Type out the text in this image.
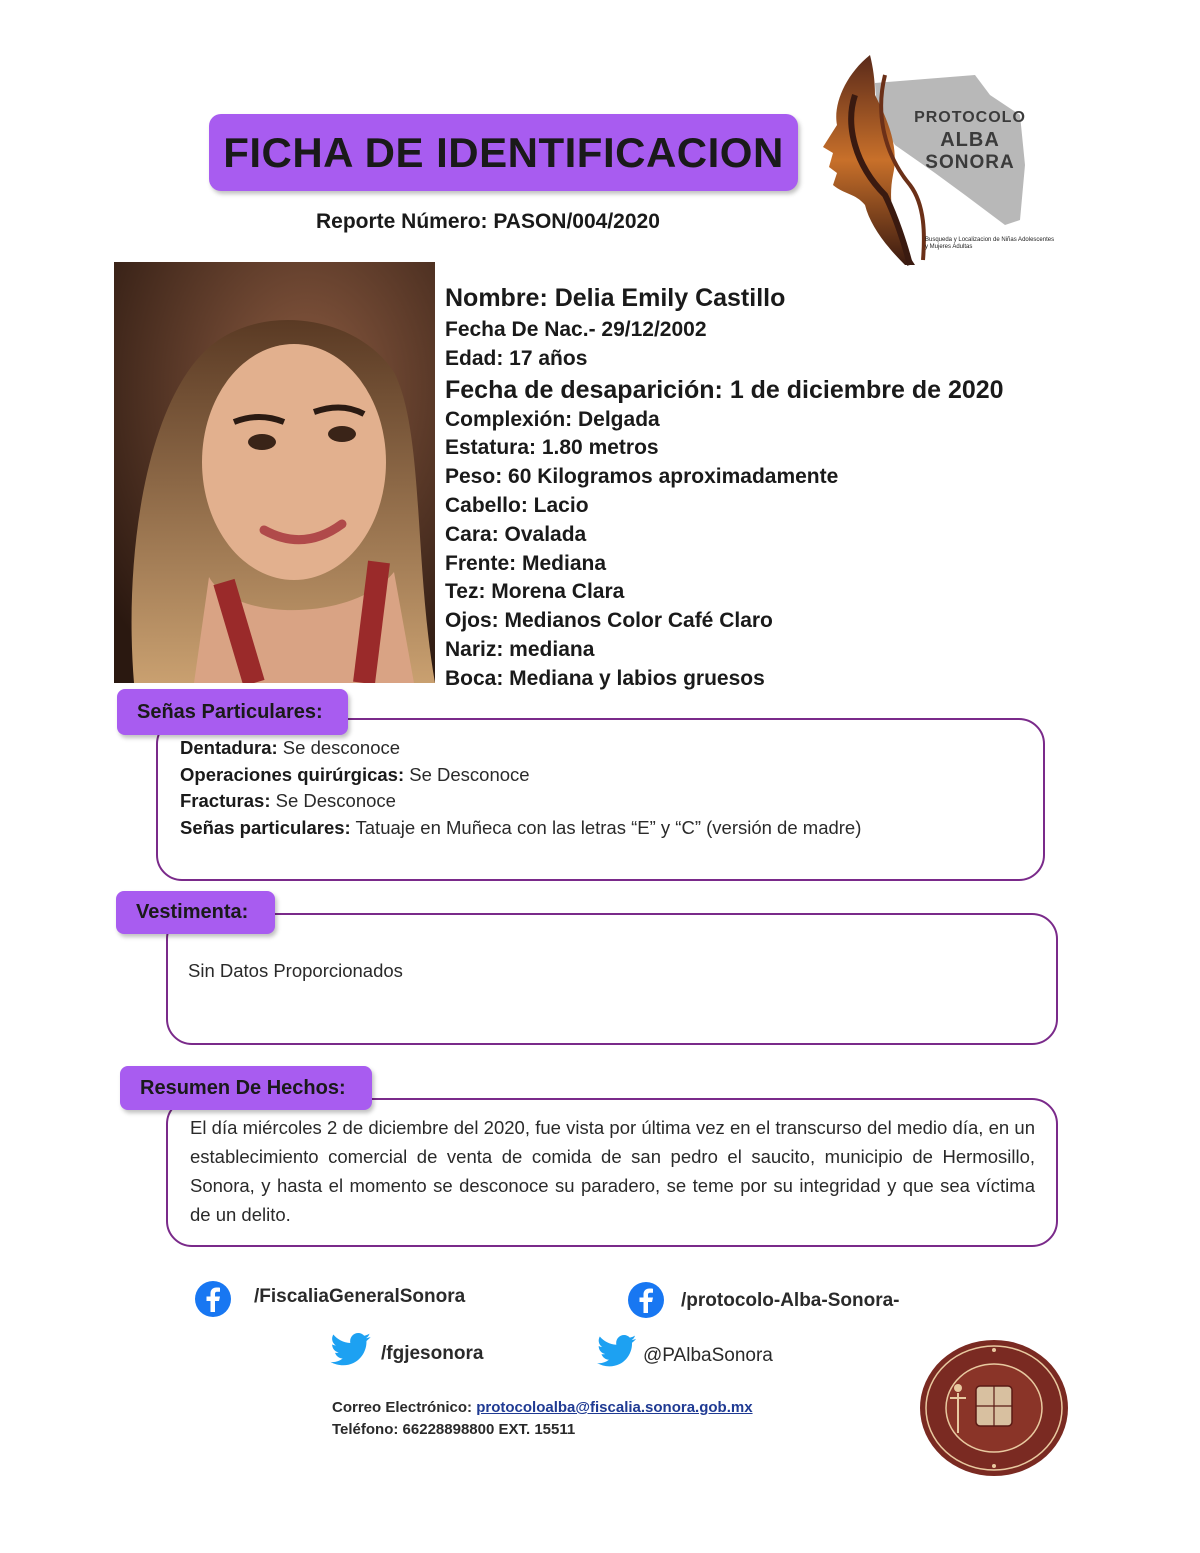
FICHA DE IDENTIFICACION
Reporte Número: PASON/004/2020
PROTOCOLO
ALBA
SONORA
Busqueda y Localizacion de Niñas Adolescentes y Mujeres Adultas
Nombre: Delia Emily Castillo
Fecha De Nac.- 29/12/2002
Edad: 17 años
Fecha de desaparición: 1 de diciembre de 2020
Complexión: Delgada
Estatura: 1.80 metros
Peso: 60 Kilogramos aproximadamente
Cabello: Lacio
Cara: Ovalada
Frente: Mediana
Tez: Morena Clara
Ojos: Medianos Color Café Claro
Nariz: mediana
Boca: Mediana y labios gruesos
Señas Particulares:
Dentadura: Se desconoce
Operaciones quirúrgicas: Se Desconoce
Fracturas: Se Desconoce
Señas particulares: Tatuaje en Muñeca con las letras “E” y “C” (versión de madre)
Vestimenta:
Sin Datos Proporcionados
Resumen De Hechos:
El día miércoles 2 de diciembre del 2020, fue vista por última vez en el transcurso del medio día, en un establecimiento comercial de venta de comida de san pedro el saucito, municipio de Hermosillo, Sonora, y hasta el momento se desconoce su paradero, se teme por su integridad y que sea víctima de un delito.
/FiscaliaGeneralSonora	/protocolo-Alba-Sonora-
/fgjesonora	@PAlbaSonora
Correo Electrónico: protocoloalba@fiscalia.sonora.gob.mx
Teléfono: 66228898800 EXT. 15511
